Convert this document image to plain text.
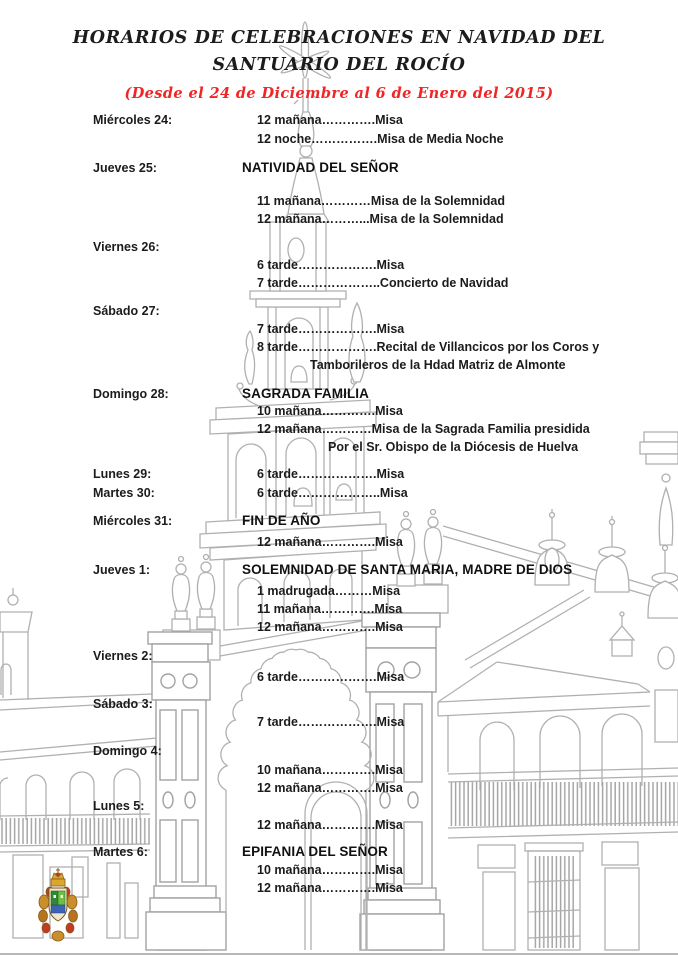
HORARIOS DE CELEBRACIONES EN NAVIDAD DEL
SANTUARIO DEL ROCÍO
(Desde el 24 de Diciembre al 6 de Enero del 2015)
Miércoles 24:	12 mañana………….Misa
12 noche…………….Misa de Media Noche
Jueves 25:	NATIVIDAD DEL SEÑOR
11 mañana…………Misa de la Solemnidad
12 mañana………...Misa de la Solemnidad
Viernes 26:
6 tarde……………….Misa
7 tarde………………..Concierto de Navidad
Sábado 27:
7 tarde……………….Misa
8 tarde……………….Recital de Villancicos por los Coros y
Tamborileros de la Hdad Matriz de Almonte
Domingo 28:	SAGRADA FAMILIA
10 mañana………….Misa
12 mañana…………Misa de la Sagrada Familia presidida
Por el Sr. Obispo de la Diócesis de Huelva
Lunes 29:	6 tarde……………….Misa
Martes 30:	6 tarde………………..Misa
Miércoles 31:	FIN DE AÑO
12 mañana………….Misa
Jueves 1:	SOLEMNIDAD DE SANTA MARIA, MADRE DE DIOS
1 madrugada………Misa
11 mañana………….Misa
12 mañana………….Misa
Viernes 2:
6 tarde……………….Misa
Sábado 3:
7 tarde……………….Misa
Domingo 4:
10 mañana………….Misa
12 mañana………….Misa
Lunes 5:
12 mañana………….Misa
Martes 6:	EPIFANIA DEL SEÑOR
10 mañana………….Misa
12 mañana………….Misa
